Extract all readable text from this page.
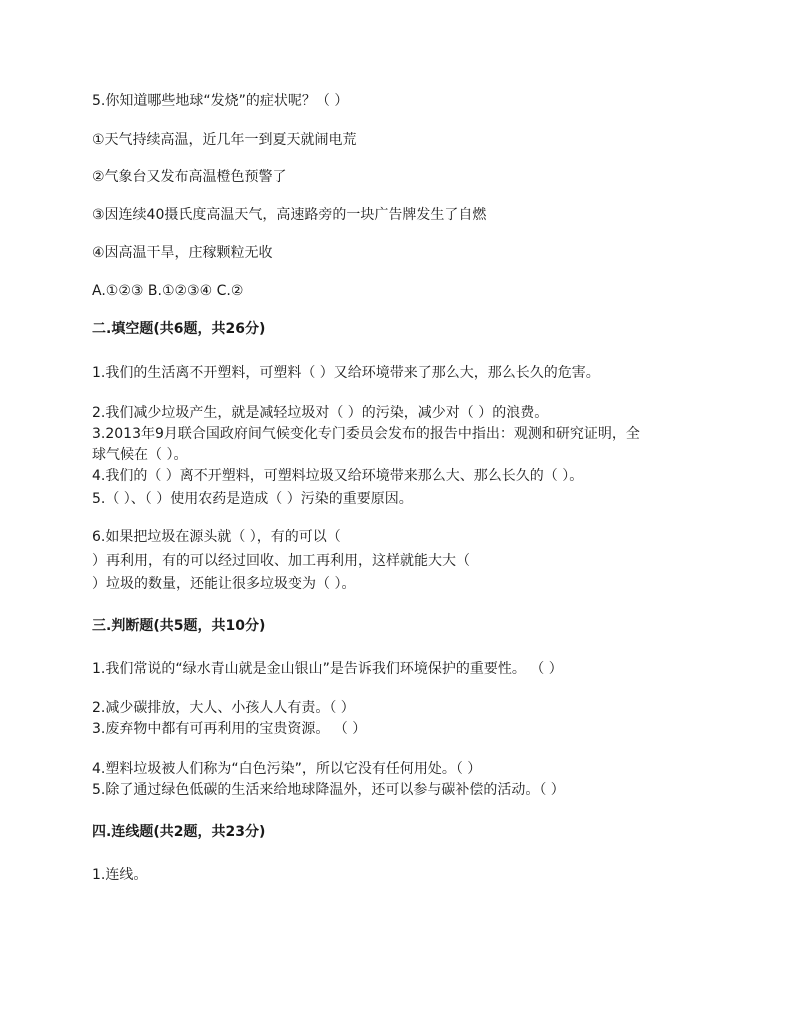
5.你知道哪些地球“发烧”的症状呢？（ ）
①天气持续高温，近几年一到夏天就闹电荒
②气象台又发布高温橙色预警了
③因连续40摄氏度高温天气，高速路旁的一块广告牌发生了自燃
④因高温干旱，庄稼颗粒无收
A.①②③ B.①②③④ C.②
二.填空题(共6题，共26分)
1.我们的生活离不开塑料，可塑料（ ）又给环境带来了那么大，那么长久的危害。
2.我们减少垃圾产生，就是减轻垃圾对（ ）的污染，减少对（ ）的浪费。
3.2013年9月联合国政府间气候变化专门委员会发布的报告中指出：观测和研究证明，全
球气候在（ ）。
4.我们的（ ）离不开塑料，可塑料垃圾又给环境带来那么大、那么长久的（ ）。
5.（ ）、（ ）使用农药是造成（ ）污染的重要原因。
6.如果把垃圾在源头就（ ），有的可以（
）再利用，有的可以经过回收、加工再利用，这样就能大大（
）垃圾的数量，还能让很多垃圾变为（ ）。
三.判断题(共5题，共10分)
1.我们常说的“绿水青山就是金山银山”是告诉我们环境保护的重要性。 （ ）
2.减少碳排放，大人、小孩人人有责。（ ）
3.废弃物中都有可再利用的宝贵资源。 （ ）
4.塑料垃圾被人们称为“白色污染”，所以它没有任何用处。（ ）
5.除了通过绿色低碳的生活来给地球降温外，还可以参与碳补偿的活动。（ ）
四.连线题(共2题，共23分)
1.连线。
